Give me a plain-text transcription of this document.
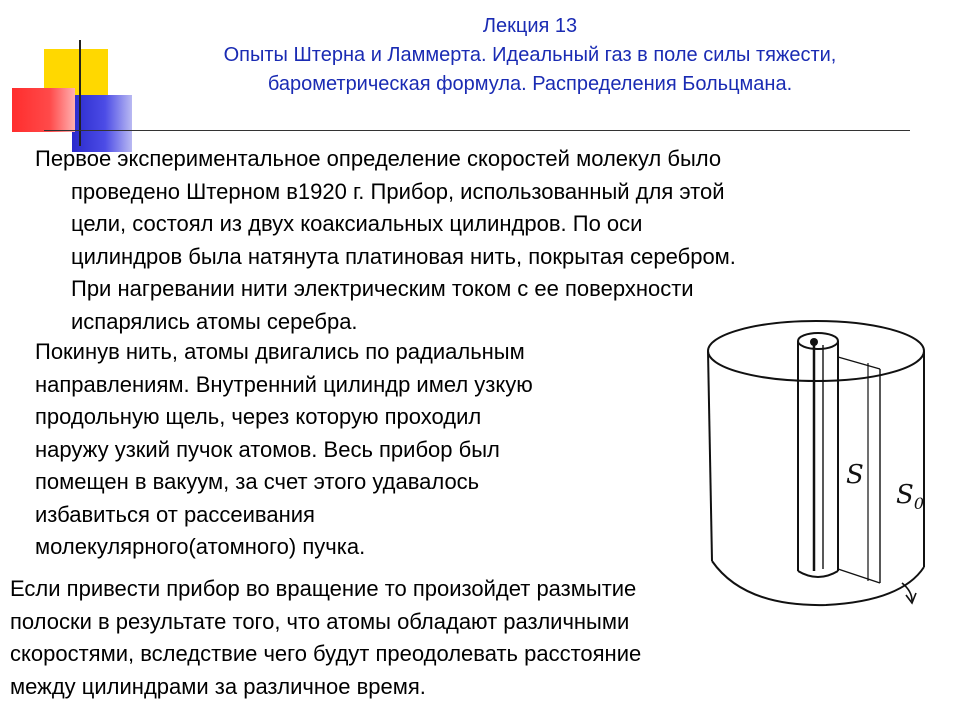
Лекция 13
Опыты Штерна и Ламмерта. Идеальный газ в поле силы тяжести,
барометрическая формула. Распределения Больцмана.
Первое экспериментальное определение скоростей молекул было
проведено Штерном в1920 г. Прибор, использованный для этой
цели, состоял из двух коаксиальных цилиндров. По оси
цилиндров была натянута платиновая нить, покрытая серебром.
При нагревании нити электрическим током с ее поверхности
испарялись атомы серебра.
Покинув нить, атомы двигались по радиальным
направлениям. Внутренний цилиндр имел узкую
продольную щель, через которую проходил
наружу узкий пучок атомов. Весь прибор был
помещен в вакуум, за счет этого удавалось
избавиться от рассеивания
молекулярного(атомного) пучка.
S
$S_0$
Если привести прибор во вращение то произойдет размытие
полоски в результате того, что атомы обладают различными
скоростями, вследствие чего будут преодолевать расстояние
между цилиндрами за различное время.
